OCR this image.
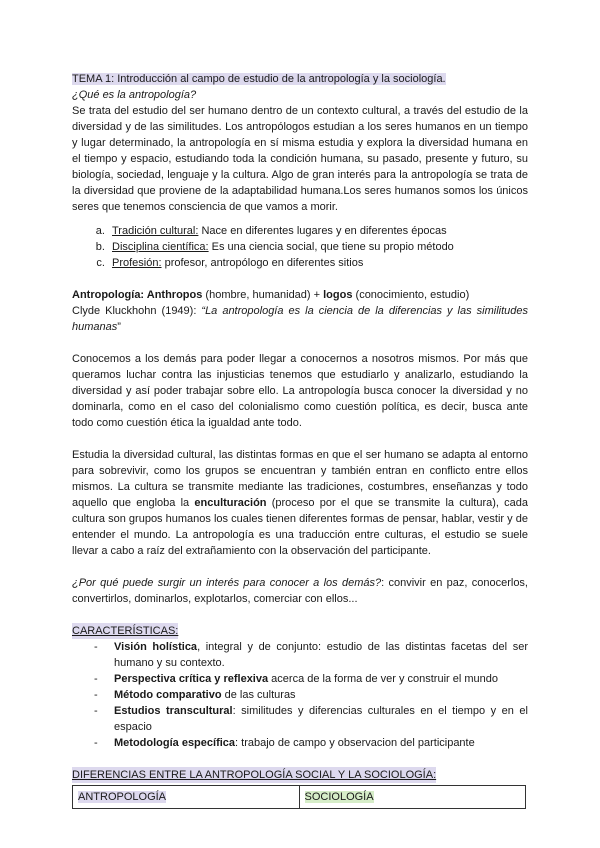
TEMA 1: Introducción al campo de estudio de la antropología y la sociología.
¿Qué es la antropología?

Se trata del estudio del ser humano dentro de un contexto cultural, a través del estudio de la diversidad y de las similitudes. Los antropólogos estudian a los seres humanos en un tiempo y lugar determinado, la antropología en sí misma estudia y explora la diversidad humana en el tiempo y espacio, estudiando toda la condición humana, su pasado, presente y futuro, su biología, sociedad, lenguaje y la cultura. Algo de gran interés para la antropología se trata de la diversidad que proviene de la adaptabilidad humana.Los seres humanos somos los únicos seres que tenemos consciencia de que vamos a morir.

a. Tradición cultural: Nace en diferentes lugares y en diferentes épocas
b. Disciplina científica: Es una ciencia social, que tiene su propio método
c. Profesión: profesor, antropólogo en diferentes sitios

Antropología: Anthropos (hombre, humanidad) + logos (conocimiento, estudio)

Clyde Kluckhohn (1949): “La antropología es la ciencia de la diferencias y las similitudes humanas”

Conocemos a los demás para poder llegar a conocernos a nosotros mismos. Por más que queramos luchar contra las injusticias tenemos que estudiarlo y analizarlo, estudiando la diversidad y así poder trabajar sobre ello. La antropología busca conocer la diversidad y no dominarla, como en el caso del colonialismo como cuestión política, es decir, busca ante todo como cuestión ética la igualdad ante todo.

Estudia la diversidad cultural, las distintas formas en que el ser humano se adapta al entorno para sobrevivir, como los grupos se encuentran y también entran en conflicto entre ellos mismos. La cultura se transmite mediante las tradiciones, costumbres, enseñanzas y todo aquello que engloba la enculturación (proceso por el que se transmite la cultura), cada cultura son grupos humanos los cuales tienen diferentes formas de pensar, hablar, vestir y de entender el mundo. La antropología es una traducción entre culturas, el estudio se suele llevar a cabo a raíz del extrañamiento con la observación del participante.

¿Por qué puede surgir un interés para conocer a los demás?: convivir en paz, conocerlos, convertirlos, dominarlos, explotarlos, comerciar con ellos...

CARACTERÍSTICAS:
- Visión holística, integral y de conjunto: estudio de las distintas facetas del ser humano y su contexto.
- Perspectiva crítica y reflexiva acerca de la forma de ver y construir el mundo
- Método comparativo de las culturas
- Estudios transcultural: similitudes y diferencias culturales en el tiempo y en el espacio
- Metodología específica: trabajo de campo y observacion del participante
DIFERENCIAS ENTRE LA ANTROPOLOGÍA SOCIAL Y LA SOCIOLOGÍA:
ANTROPOLOGÍA	SOCIOLOGÍA
